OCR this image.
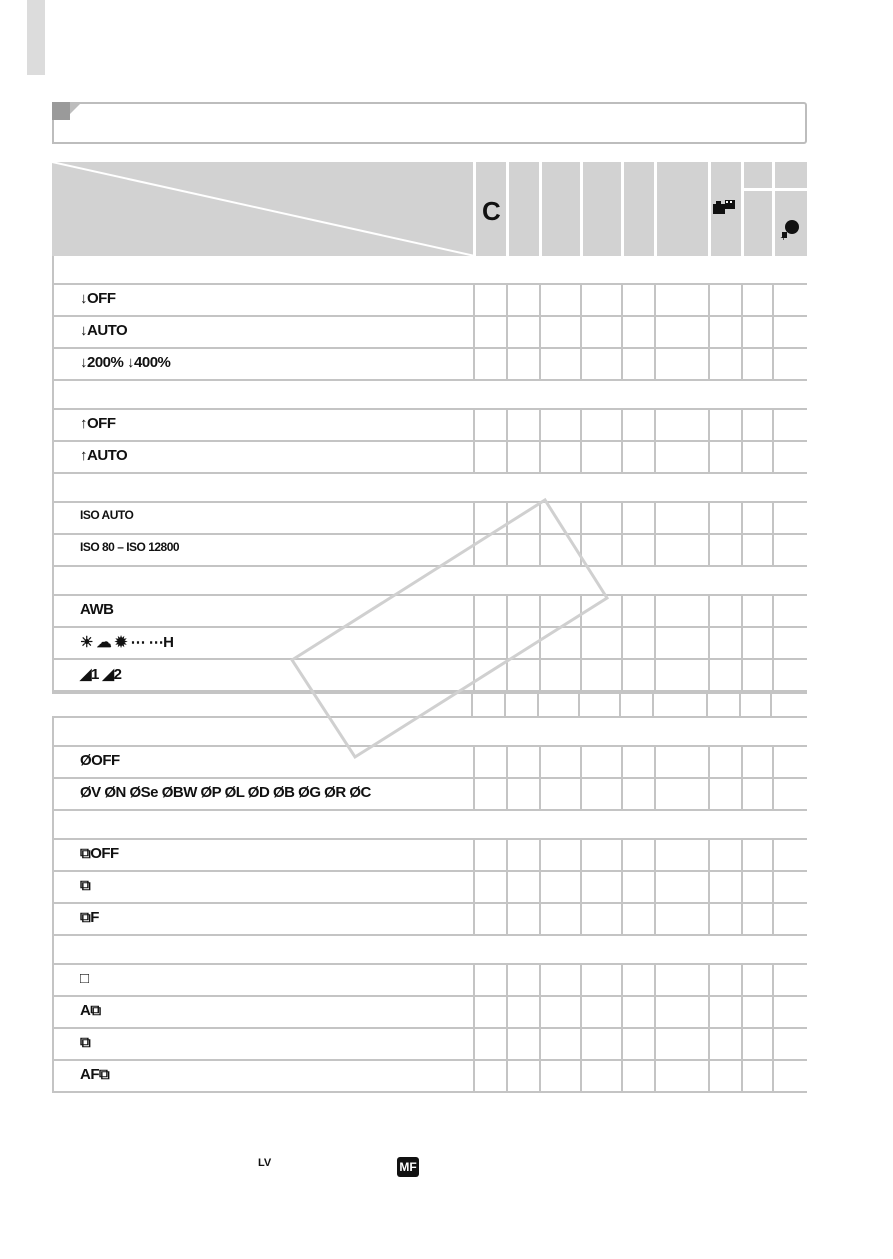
C
+
↓OFF
↓AUTO
↓200% ↓400%
↑OFF
↑AUTO
ISO AUTO
ISO 80 – ISO 12800
AWB
☀ ☁ ✹ ⋯ ⋯H
◢1 ◢2
ØOFF
ØV ØN ØSe ØBW ØP ØL ØD ØB ØG ØR ØC
⧉OFF
⧉
⧉F
□
A⧉
⧉
AF⧉
LV	MF
